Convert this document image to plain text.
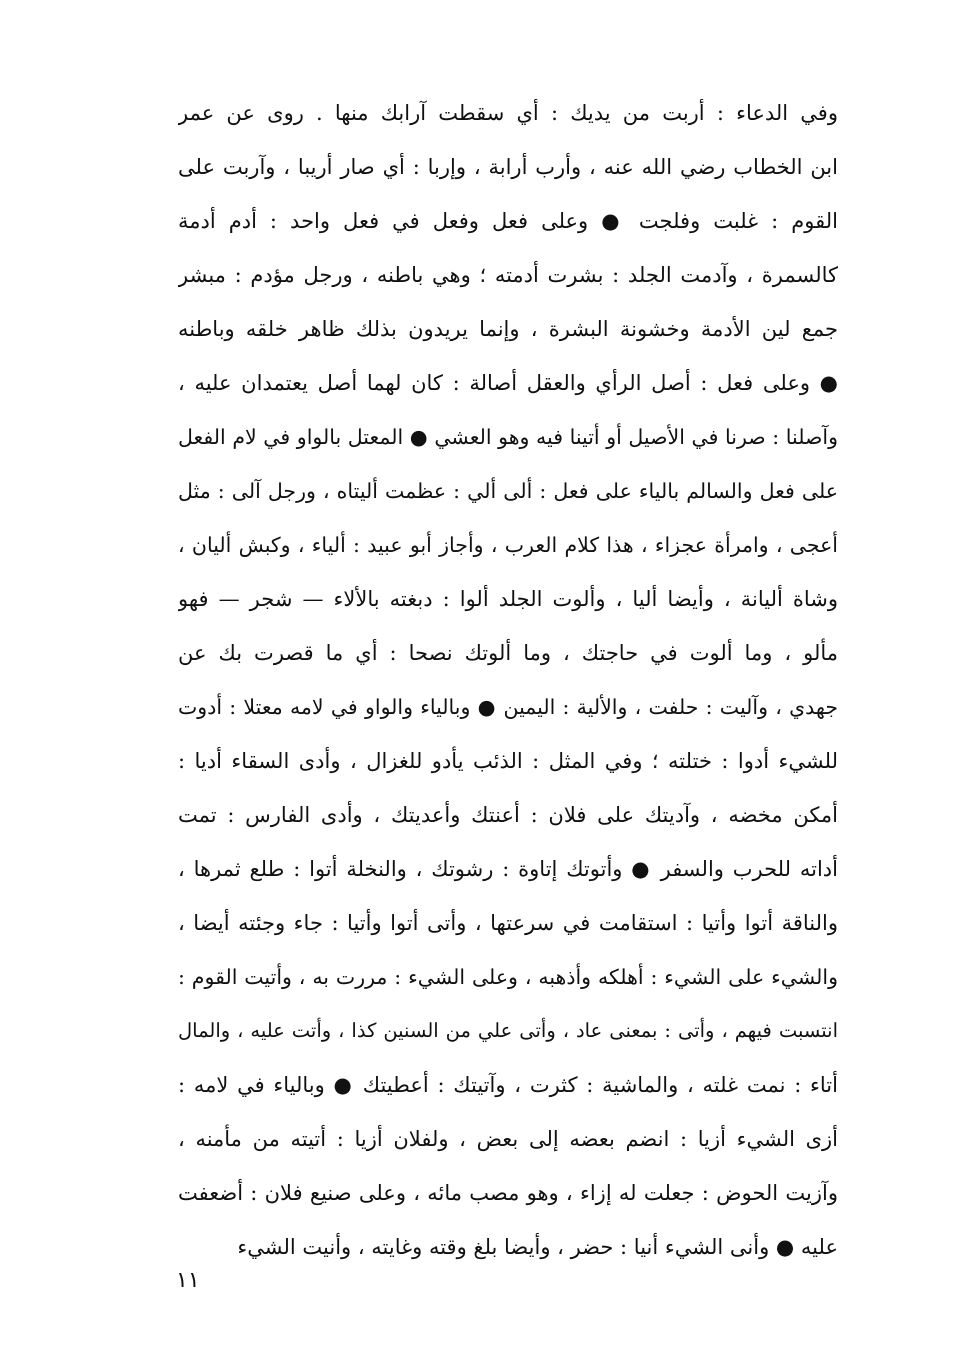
وفي الدعاء : أربت من يديك : أي سقطت آرابك منها . روى عن عمر
ابن الخطاب رضي الله عنه ، وأرب أرابة ، وإربا : أي صار أريبا ، وآربت على
القوم : غلبت وفلجت ● وعلى فعل وفعل في فعل واحد : أدم أدمة
كالسمرة ، وآدمت الجلد : بشرت أدمته ؛ وهي باطنه ، ورجل مؤدم : مبشر
جمع لين الأدمة وخشونة البشرة ، وإنما يريدون بذلك ظاهر خلقه وباطنه
● وعلى فعل : أصل الرأي والعقل أصالة : كان لهما أصل يعتمدان عليه ،
وآصلنا : صرنا في الأصيل أو أتينا فيه وهو العشي ● المعتل بالواو في لام الفعل
على فعل والسالم بالياء على فعل : ألى ألي : عظمت أليتاه ، ورجل آلى : مثل
أعجى ، وامرأة عجزاء ، هذا كلام العرب ، وأجاز أبو عبيد : ألياء ، وكبش أليان ،
وشاة أليانة ، وأيضا أليا ، وألوت الجلد ألوا : دبغته بالألاء — شجر — فهو
مألو ، وما ألوت في حاجتك ، وما ألوتك نصحا : أي ما قصرت بك عن
جهدي ، وآليت : حلفت ، والألية : اليمين ● وبالياء والواو في لامه معتلا : أدوت
للشيء أدوا : ختلته ؛ وفي المثل : الذئب يأدو للغزال ، وأدى السقاء أديا :
أمكن مخضه ، وآديتك على فلان : أعنتك وأعديتك ، وأدى الفارس : تمت
أداته للحرب والسفر ● وأتوتك إتاوة : رشوتك ، والنخلة أتوا : طلع ثمرها ،
والناقة أتوا وأتيا : استقامت في سرعتها ، وأتى أتوا وأتيا : جاء وجئته أيضا ،
والشيء على الشيء : أهلكه وأذهبه ، وعلى الشيء : مررت به ، وأتيت القوم :
انتسبت فيهم ، وأتى : بمعنى عاد ، وأتى علي من السنين كذا ، وأتت عليه ، والمال
أتاء : نمت غلته ، والماشية : كثرت ، وآتيتك : أعطيتك ● وبالياء في لامه :
أزى الشيء أزيا : انضم بعضه إلى بعض ، ولفلان أزيا : أتيته من مأمنه ،
وآزيت الحوض : جعلت له إزاء ، وهو مصب مائه ، وعلى صنيع فلان : أضعفت
عليه ● وأنى الشيء أنيا : حضر ، وأيضا بلغ وقته وغايته ، وأنيت الشيء
١١
